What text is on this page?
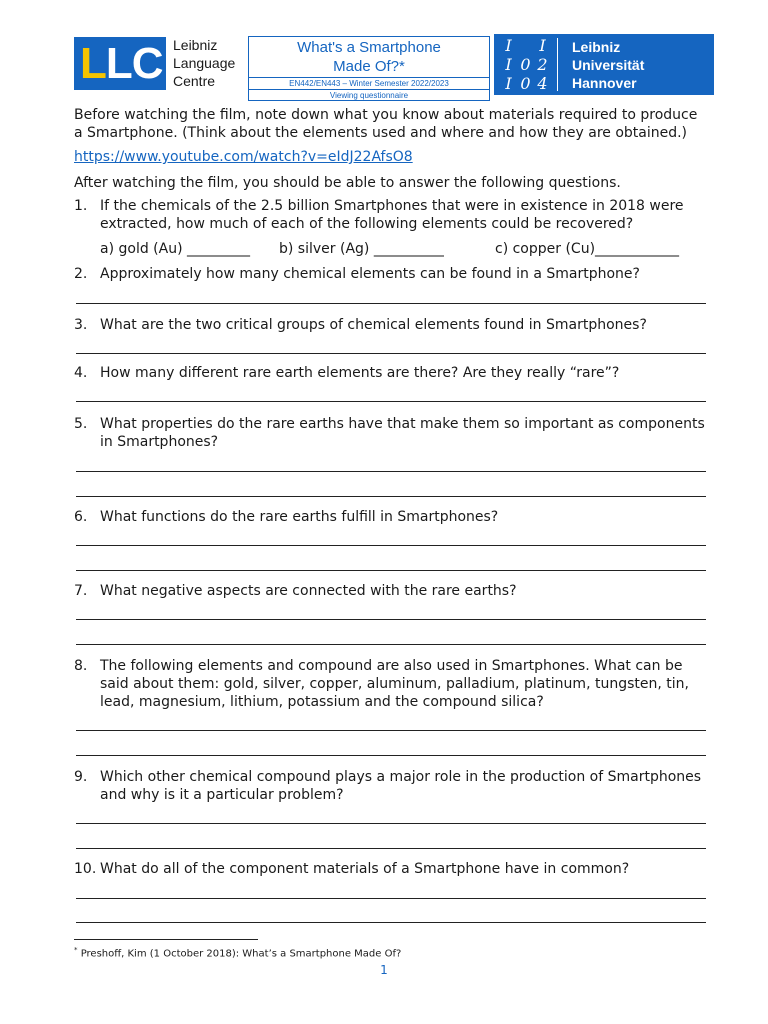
LLC Leibniz
Language
Centre
What's a Smartphone
Made Of?*
EN442/EN443 – Winter Semester 2022/2023
Viewing questionnaire
I I
I 0 2
I 0 4
Leibniz
Universität
Hannover
Before watching the film, note down what you know about materials required to produce a Smartphone. (Think about the elements used and where and how they are obtained.)
https://www.youtube.com/watch?v=eIdJ22AfsO8
After watching the film, you should be able to answer the following questions.
1. If the chemicals of the 2.5 billion Smartphones that were in existence in 2018 were extracted, how much of each of the following elements could be recovered?
a) gold (Au) _________ b) silver (Ag) __________	c) copper (Cu)____________
2. Approximately how many chemical elements can be found in a Smartphone?
3. What are the two critical groups of chemical elements found in Smartphones?
4. How many different rare earth elements are there? Are they really “rare”?
5. What properties do the rare earths have that make them so important as components in Smartphones?
6. What functions do the rare earths fulfill in Smartphones?
7. What negative aspects are connected with the rare earths?
8. The following elements and compound are also used in Smartphones. What can be said about them: gold, silver, copper, aluminum, palladium, platinum, tungsten, tin, lead, magnesium, lithium, potassium and the compound silica?
9. Which other chemical compound plays a major role in the production of Smartphones and why is it a particular problem?
10. What do all of the component materials of a Smartphone have in common?
* Preshoff, Kim (1 October 2018): What’s a Smartphone Made Of?
1
